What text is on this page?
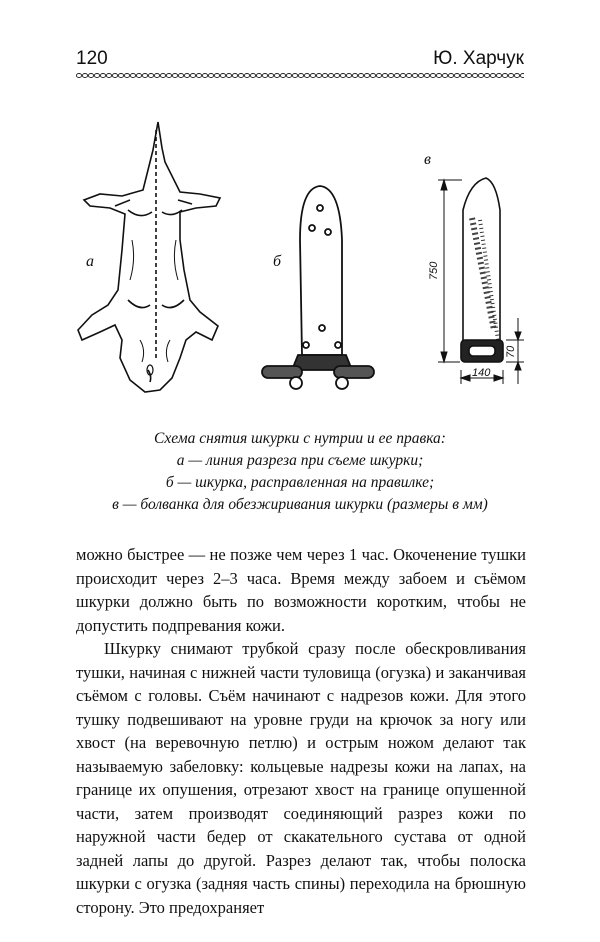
120	Ю. Харчук
а	б
в
750
140
70
Схема снятия шкурки с нутрии и ее правка:
а — линия разреза при съеме шкурки;
б — шкурка, расправленная на правилке;
в — болванка для обезжиривания шкурки (размеры в мм)

можно быстрее — не позже чем через 1 час. Окоченение тушки происходит через 2–3 часа. Время между забоем и съёмом шкурки должно быть по возможности коротким, чтобы не допустить подпревания кожи.

Шкурку снимают трубкой сразу после обескровливания тушки, начиная с нижней части туловища (огузка) и заканчивая съёмом с головы. Съём начинают с надрезов кожи. Для этого тушку подвешивают на уровне груди на крючок за ногу или хвост (на веревочную петлю) и острым ножом делают так называемую забеловку: кольцевые надрезы кожи на лапах, на границе их опушения, отрезают хвост на границе опушенной части, затем производят соединяющий разрез кожи по наружной части бедер от скакательного сустава от одной задней лапы до другой. Разрез делают так, чтобы полоска шкурки с огузка (задняя часть спины) переходила на брюшную сторону. Это предохраняет
